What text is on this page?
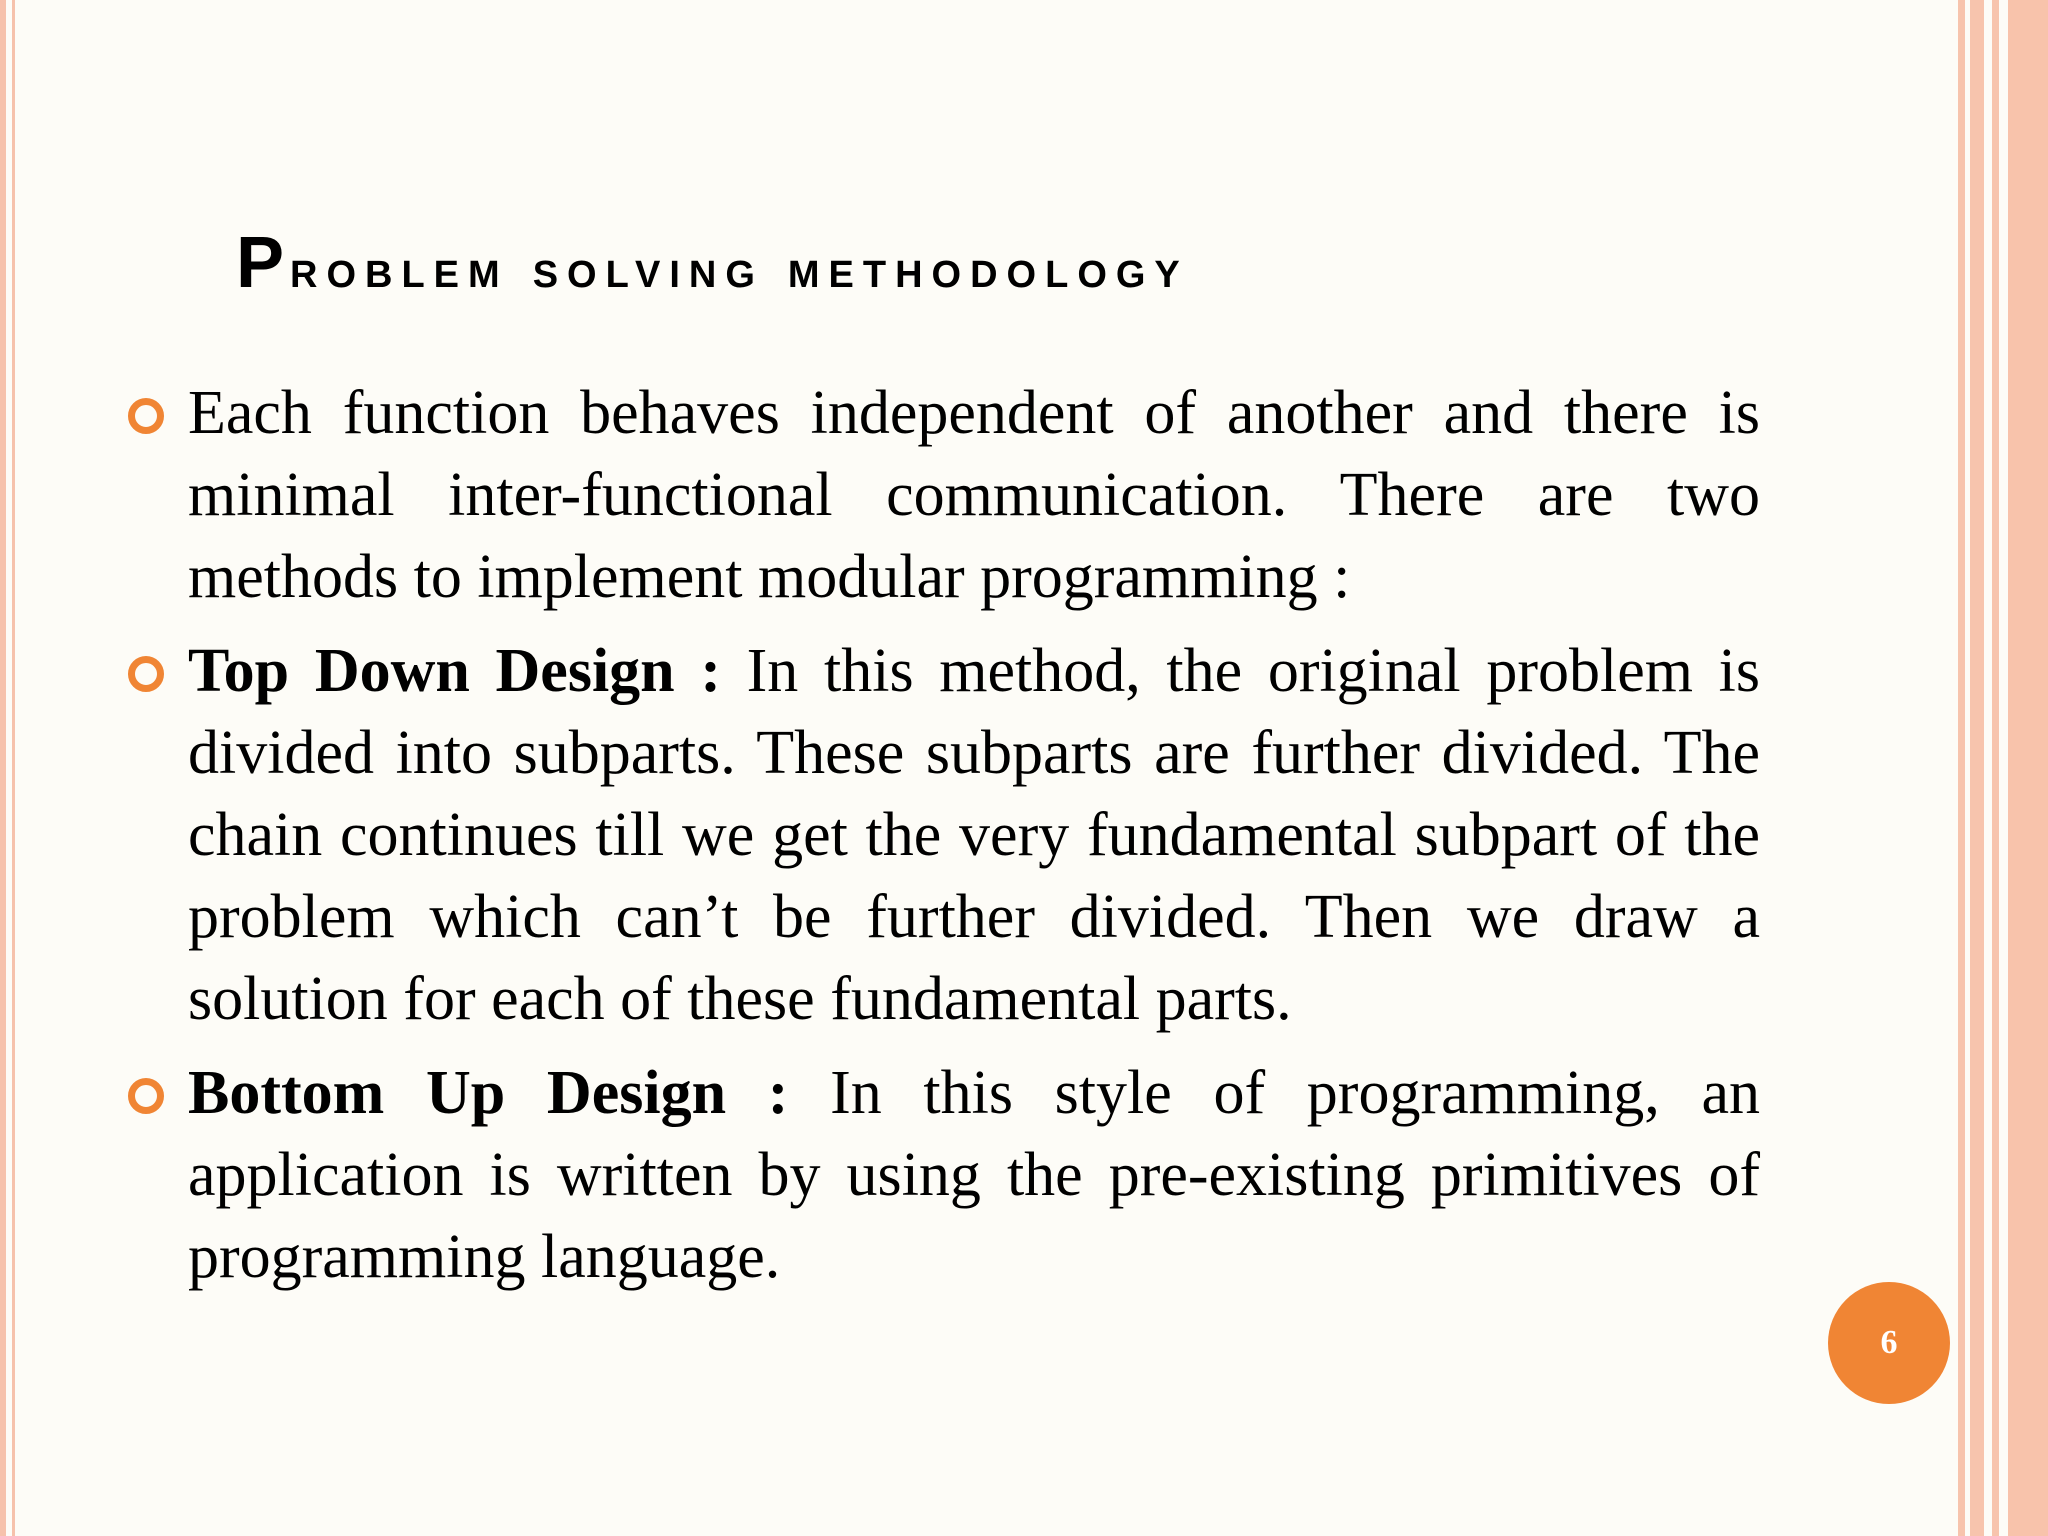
Problem solving methodology
Each function behaves independent of another and there is minimal inter-functional communication. There are two methods to implement modular programming :
Top Down Design : In this method, the original problem is divided into subparts. These subparts are further divided. The chain continues till we get the very fundamental subpart of the problem which can’t be further divided. Then we draw a solution for each of these fundamental parts.
Bottom Up Design : In this style of programming, an application is written by using the pre-existing primitives of programming language.
6
